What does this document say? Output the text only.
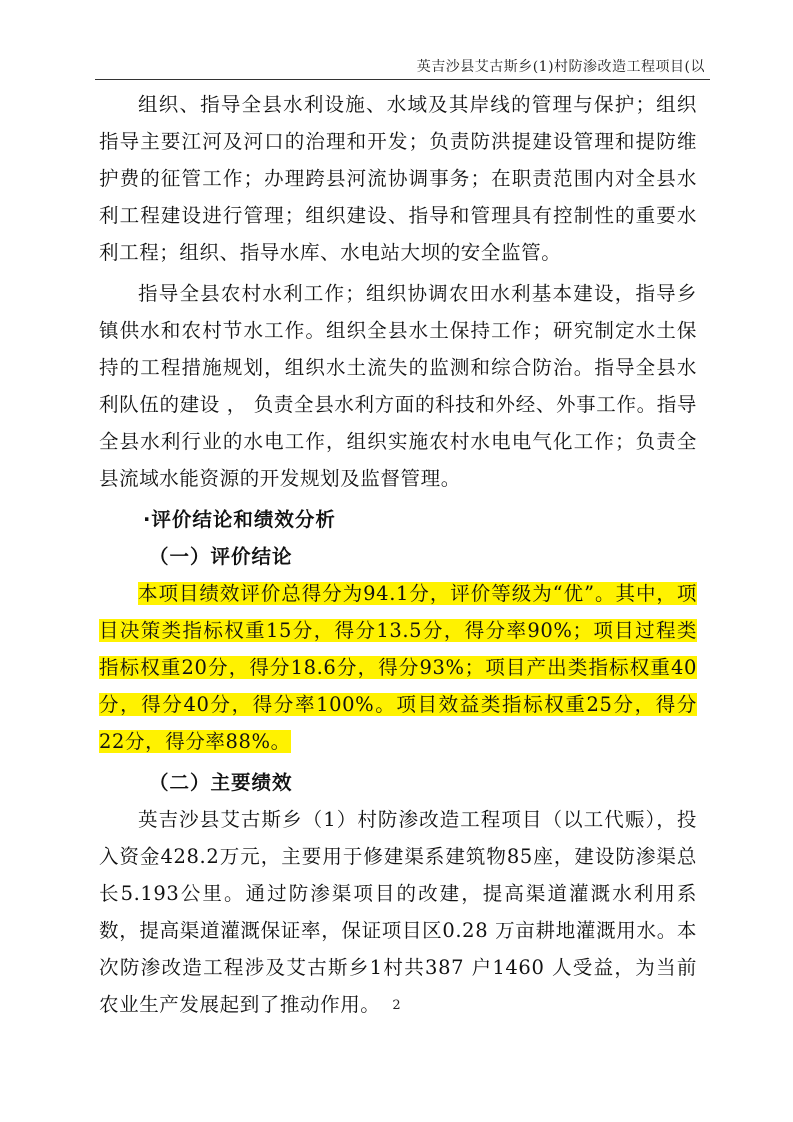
英吉沙县艾古斯乡(1)村防渗改造工程项目(以

组织、指导全县水利设施、水域及其岸线的管理与保护；组织指导主要江河及河口的治理和开发；负责防洪提建设管理和提防维护费的征管工作；办理跨县河流协调事务；在职责范围内对全县水利工程建设进行管理；组织建设、指导和管理具有控制性的重要水利工程；组织、指导水库、水电站大坝的安全监管。

指导全县农村水利工作；组织协调农田水利基本建设，指导乡镇供水和农村节水工作。组织全县水土保持工作；研究制定水土保持的工程措施规划，组织水土流失的监测和综合防治。指导全县水利队伍的建设 ， 负责全县水利方面的科技和外经、外事工作。指导全县水利行业的水电工作，组织实施农村水电电气化工作；负责全县流域水能资源的开发规划及监督管理。

·评价结论和绩效分析

（一）评价结论

本项目绩效评价总得分为94.1分，评价等级为“优”。其中，项目决策类指标权重15分，得分13.5分，得分率90%；项目过程类指标权重20分，得分18.6分，得分93%；项目产出类指标权重40分，得分40分，得分率100%。项目效益类指标权重25分，得分22分，得分率88%。

（二）主要绩效

英吉沙县艾古斯乡（1）村防渗改造工程项目（以工代赈），投入资金428.2万元，主要用于修建渠系建筑物85座，建设防渗渠总长5.193公里。通过防渗渠项目的改建，提高渠道灌溉水利用系数，提高渠道灌溉保证率，保证项目区0.28 万亩耕地灌溉用水。本次防渗改造工程涉及艾古斯乡1村共387 户1460 人受益，为当前农业生产发展起到了推动作用。 2
